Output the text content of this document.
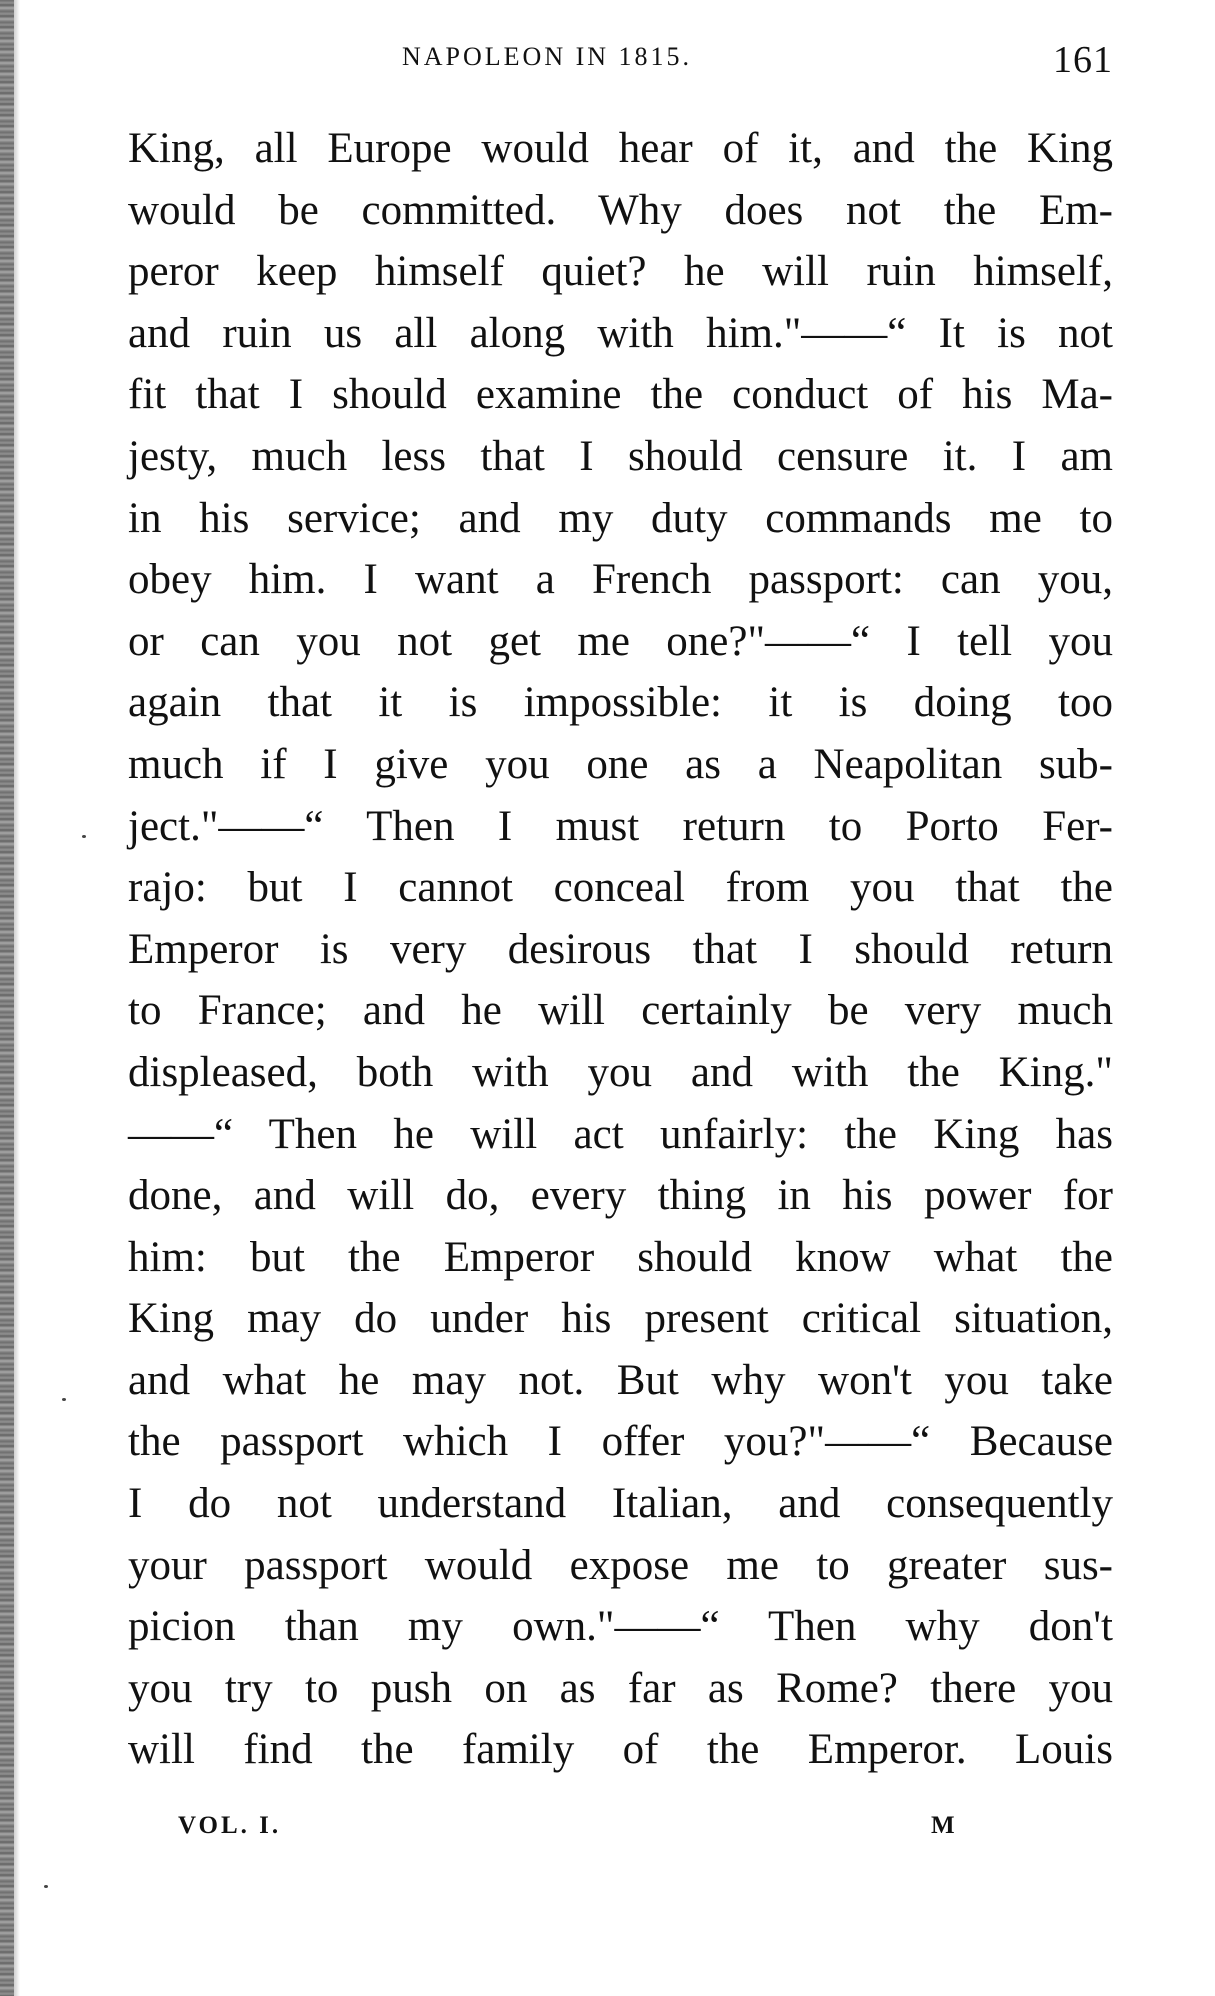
NAPOLEON IN 1815.	161
King, all Europe would hear of it, and the King
would be committed. Why does not the Em-
peror keep himself quiet? he will ruin himself,
and ruin us all along with him."——“ It is not
fit that I should examine the conduct of his Ma-
jesty, much less that I should censure it. I am
in his service; and my duty commands me to
obey him. I want a French passport: can you,
or can you not get me one?"——“ I tell you
again that it is impossible: it is doing too
much if I give you one as a Neapolitan sub-
ject."——“ Then I must return to Porto Fer-
rajo: but I cannot conceal from you that the
Emperor is very desirous that I should return
to France; and he will certainly be very much
displeased, both with you and with the King."
——“ Then he will act unfairly: the King has
done, and will do, every thing in his power for
him: but the Emperor should know what the
King may do under his present critical situation,
and what he may not. But why won't you take
the passport which I offer you?"——“ Because
I do not understand Italian, and consequently
your passport would expose me to greater sus-
picion than my own."——“ Then why don't
you try to push on as far as Rome? there you
will find the family of the Emperor. Louis
VOL. I.	M
